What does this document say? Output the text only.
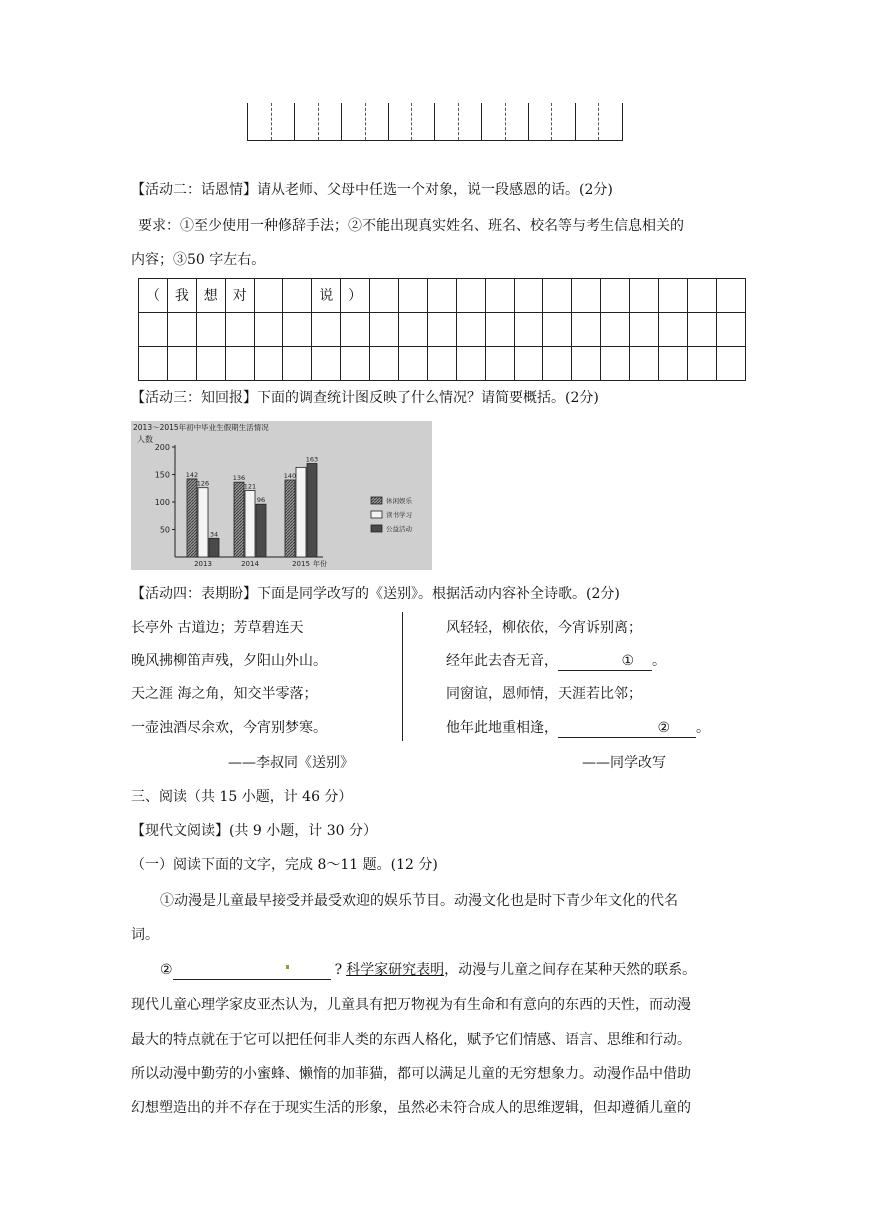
【活动二：话恩情】请从老师、父母中任选一个对象，说一段感恩的话。(2分)
要求：①至少使用一种修辞手法；②不能出现真实姓名、班名、校名等与考生信息相关的
内容；③50 字左右。
（	我	想	对			说	）													

【活动三：知回报】下面的调查统计图反映了什么情况？请简要概括。(2分)
2013～2015年初中毕业生假期生活情况
人数
年份
200
150
100
50
142
126
34
2013
136
121
96
2014
140
163
2015
休闲娱乐
读书学习
公益活动
【活动四：表期盼】下面是同学改写的《送别》。根据活动内容补全诗歌。(2分)
长亭外 古道边；芳草碧连天
晚风拂柳笛声残，夕阳山外山。
天之涯 海之角，知交半零落；
一壶浊酒尽余欢，今宵别梦寒。
——李叔同《送别》
风轻轻，柳依依，今宵诉别离；
经年此去杳无音，	① 。
同窗谊，恩师情，天涯若比邻；
他年此地重相逢，	② 。
——同学改写
三、阅读（共 15 小题，计 46 分）
【现代文阅读】(共 9 小题，计 30 分）
（一）阅读下面的文字，完成 8～11 题。(12 分)
①动漫是儿童最早接受并最受欢迎的娱乐节目。动漫文化也是时下青少年文化的代名
词。
②	? 科学家研究表明，动漫与儿童之间存在某种天然的联系。
现代儿童心理学家皮亚杰认为，儿童具有把万物视为有生命和有意向的东西的天性，而动漫
最大的特点就在于它可以把任何非人类的东西人格化，赋予它们情感、语言、思维和行动。
所以动漫中勤劳的小蜜蜂、懒惰的加菲猫，都可以满足儿童的无穷想象力。动漫作品中借助
幻想塑造出的并不存在于现实生活的形象，虽然必未符合成人的思维逻辑，但却遵循儿童的
